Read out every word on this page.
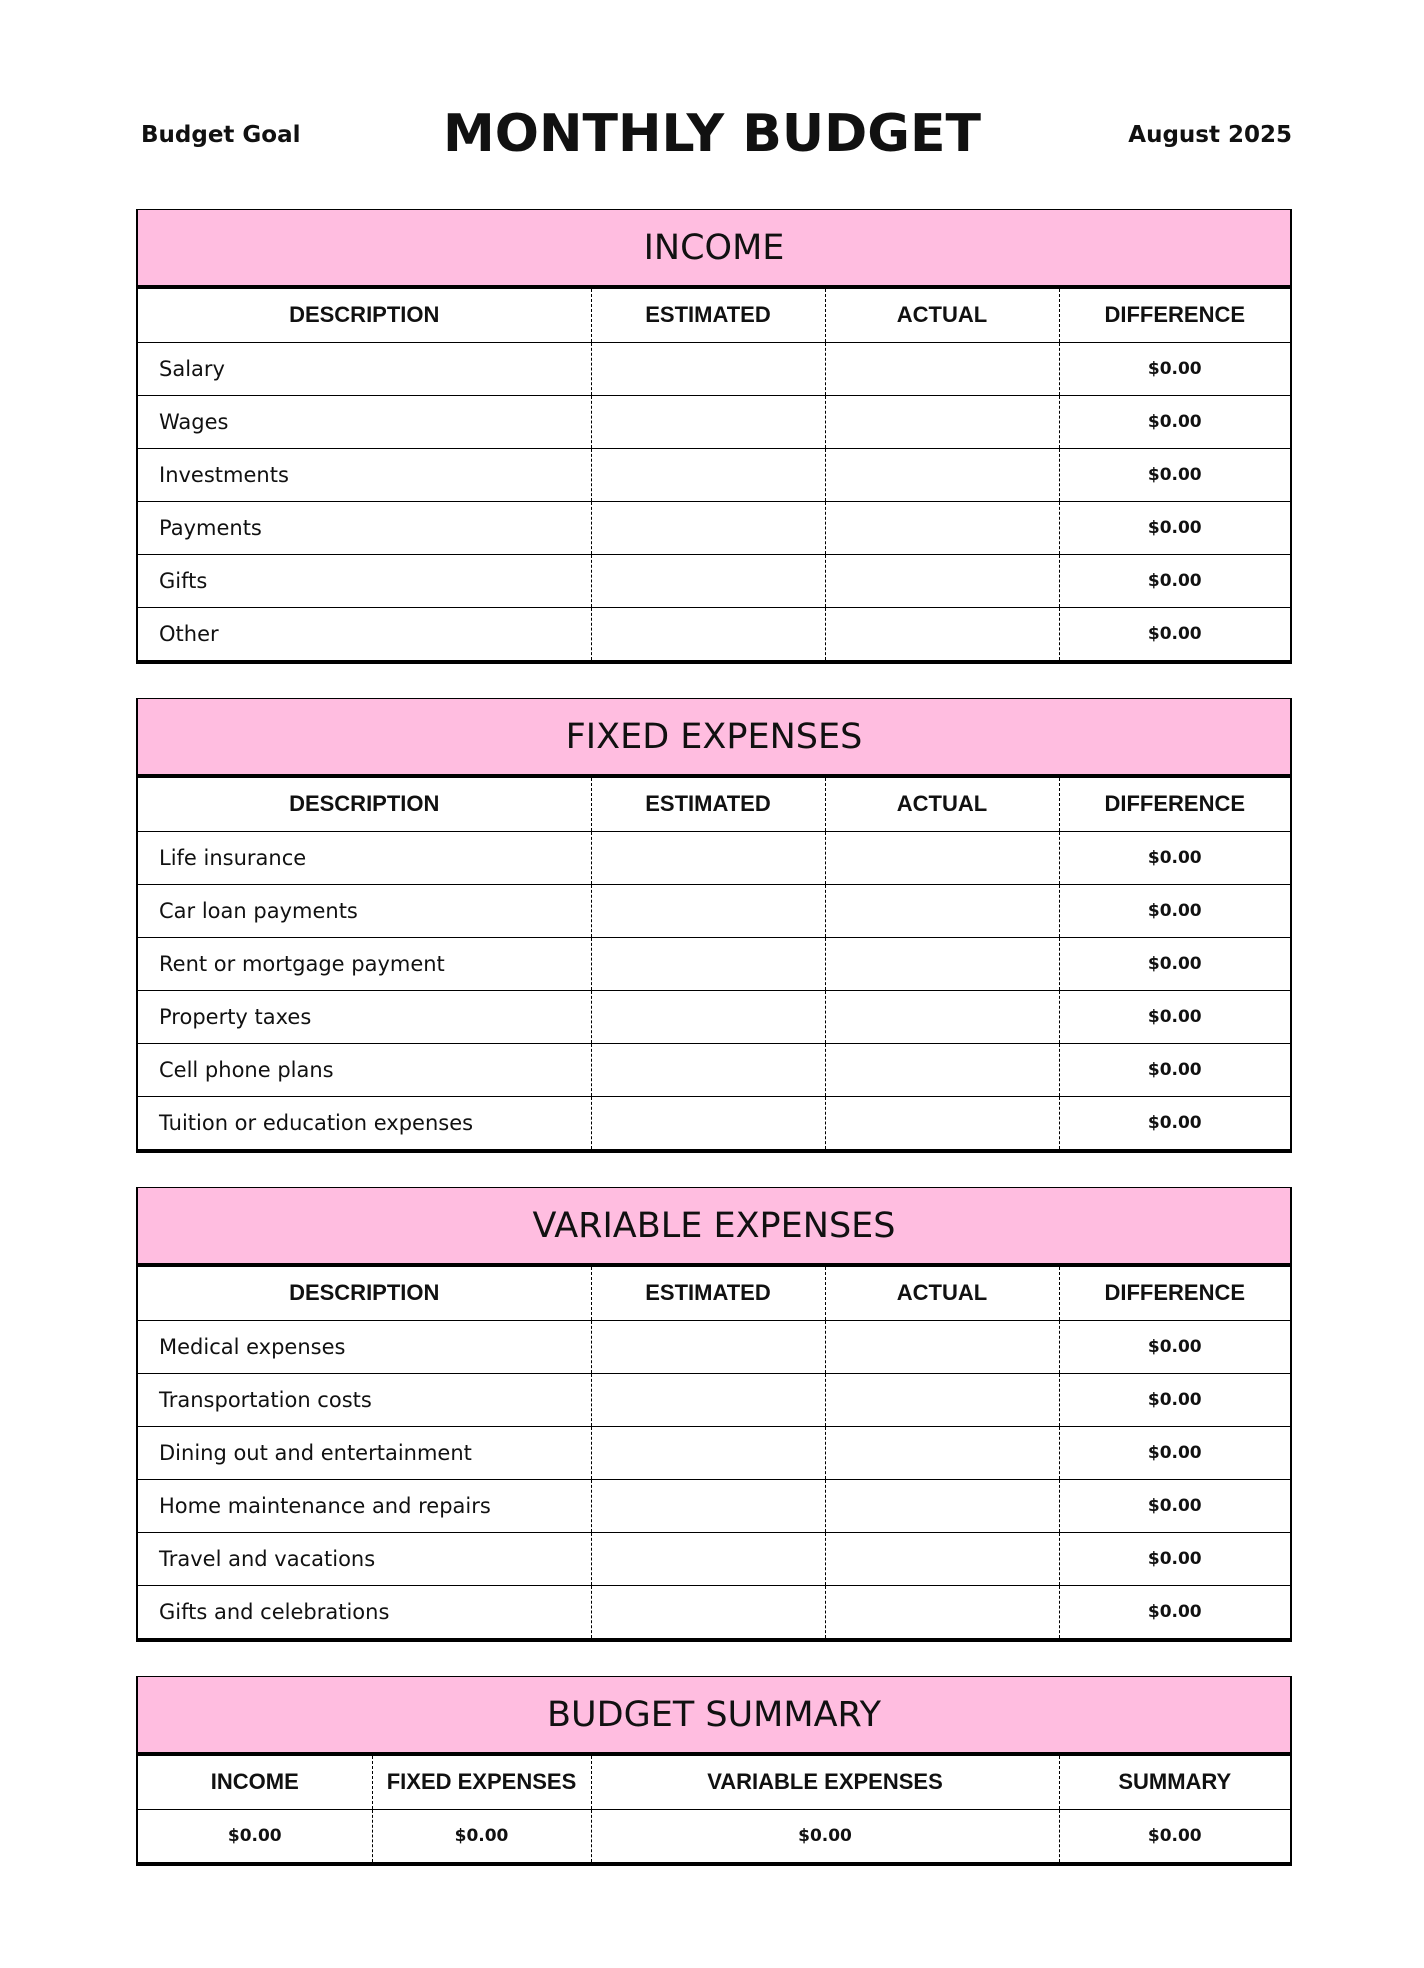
Budget Goal	MONTHLY BUDGET	August 2025
INCOME
DESCRIPTION	ESTIMATED	ACTUAL	DIFFERENCE
Salary			$0.00
Wages			$0.00
Investments			$0.00
Payments			$0.00
Gifts			$0.00
Other			$0.00
FIXED EXPENSES
DESCRIPTION	ESTIMATED	ACTUAL	DIFFERENCE
Life insurance			$0.00
Car loan payments			$0.00
Rent or mortgage payment			$0.00
Property taxes			$0.00
Cell phone plans			$0.00
Tuition or education expenses			$0.00
VARIABLE EXPENSES
DESCRIPTION	ESTIMATED	ACTUAL	DIFFERENCE
Medical expenses			$0.00
Transportation costs			$0.00
Dining out and entertainment			$0.00
Home maintenance and repairs			$0.00
Travel and vacations			$0.00
Gifts and celebrations			$0.00
BUDGET SUMMARY
INCOME	FIXED EXPENSES	VARIABLE EXPENSES	SUMMARY
$0.00	$0.00	$0.00	$0.00
